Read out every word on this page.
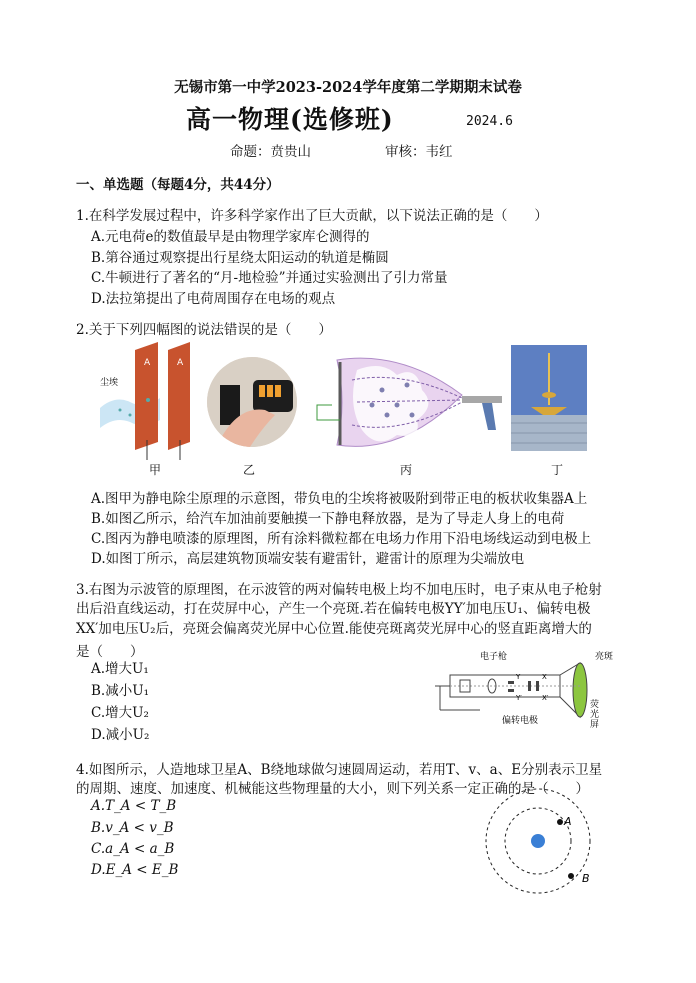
无锡市第一中学2023-2024学年度第二学期期末试卷
高一物理(选修班)	2024.6
命题：贲贵山	审核：韦红
一、单选题（每题4分，共44分）
1.在科学发展过程中，许多科学家作出了巨大贡献，以下说法正确的是（　　）
A.元电荷e的数值最早是由物理学家库仑测得的
B.第谷通过观察提出行星绕太阳运动的轨道是椭圆
C.牛顿进行了著名的“月-地检验”并通过实验测出了引力常量
D.法拉第提出了电荷周围存在电场的观点
2.关于下列四幅图的说法错误的是（　　）
尘埃
A	A
甲	乙	丙	丁
A.图甲为静电除尘原理的示意图，带负电的尘埃将被吸附到带正电的板状收集器A上
B.如图乙所示，给汽车加油前要触摸一下静电释放器，是为了导走人身上的电荷
C.图丙为静电喷漆的原理图，所有涂料微粒都在电场力作用下沿电场线运动到电极上
D.如图丁所示，高层建筑物顶端安装有避雷针，避雷计的原理为尖端放电
3.右图为示波管的原理图，在示波管的两对偏转电极上均不加电压时，电子束从电子枪射
出后沿直线运动，打在荧屏中心，产生一个亮斑.若在偏转电极YY′加电压U₁、偏转电极
XX′加电压U₂后，亮斑会偏离荧光屏中心位置.能使亮斑离荧光屏中心的竖直距离增大的
是（　　）
A.增大U₁
B.减小U₁
C.增大U₂
D.减小U₂
电子枪	亮斑
偏转电极
荧
光
屏
Y	X
X′
Y′
4.如图所示，人造地球卫星A、B绕地球做匀速圆周运动，若用T、v、a、E分别表示卫星
的周期、速度、加速度、机械能这些物理量的大小，则下列关系一定正确的是（　　）
A.T_A < T_B
B.v_A < v_B
C.a_A < a_B
D.E_A < E_B
A
B
